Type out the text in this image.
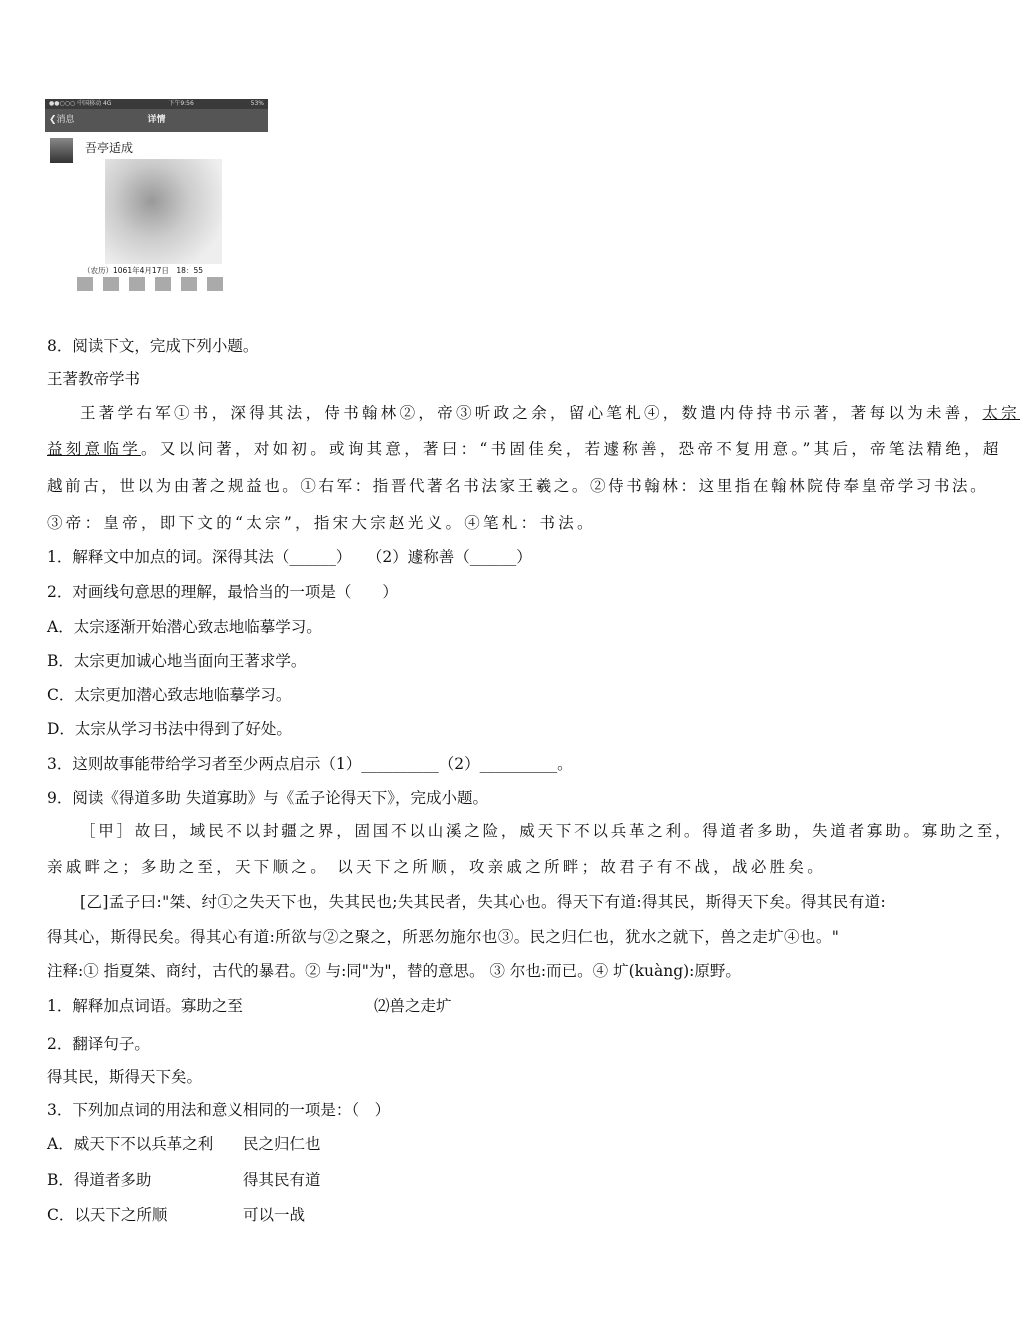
●●○○○ 中国移动 4G	下午9:56	53%
❮消息	详情
吾亭适成
（农历）1061年4月17日　18：55
8．阅读下文，完成下列小题。
王著教帝学书
王著学右军①书，深得其法，侍书翰林②，帝③听政之余，留心笔札④，数遣内侍持书示著，著每以为未善，太宗
益刻意临学。又以问著，对如初。或询其意，著曰：“书固佳矣，若遽称善，恐帝不复用意。”其后，帝笔法精绝，超
越前古，世以为由著之规益也。①右军：指晋代著名书法家王羲之。②侍书翰林：这里指在翰林院侍奉皇帝学习书法。
③帝：皇帝，即下文的“太宗”，指宋大宗赵光义。④笔札：书法。
1．解释文中加点的词。深得其法（______）　　（2）遽称善（______）
2．对画线句意思的理解，最恰当的一项是（　　）
A．太宗逐渐开始潜心致志地临摹学习。
B．太宗更加诚心地当面向王著求学。
C．太宗更加潜心致志地临摹学习。
D．太宗从学习书法中得到了好处。
3．这则故事能带给学习者至少两点启示（1）__________（2）__________。
9．阅读《得道多助 失道寡助》与《孟子论得天下》，完成小题。
［甲］故曰，域民不以封疆之界，固国不以山溪之险，威天下不以兵革之利。得道者多助，失道者寡助。寡助之至，
亲戚畔之；多助之至，天下顺之。 以天下之所顺，攻亲戚之所畔；故君子有不战，战必胜矣。
[乙]孟子曰:"桀、纣①之失天下也，失其民也;失其民者，失其心也。得天下有道:得其民，斯得天下矣。得其民有道:
得其心，斯得民矣。得其心有道:所欲与②之聚之，所恶勿施尔也③。民之归仁也，犹水之就下，兽之走圹④也。"
注释:① 指夏桀、商纣，古代的暴君。② 与:同"为"，替的意思。 ③ 尔也:而已。④ 圹(kuàng):原野。
1．解释加点词语。寡助之至	⑵兽之走圹
2．翻译句子。
得其民，斯得天下矣。
3．下列加点词的用法和意义相同的一项是：（　）
A．威天下不以兵革之利 民之归仁也
B．得道者多助	得其民有道
C．以天下之所顺	可以一战
